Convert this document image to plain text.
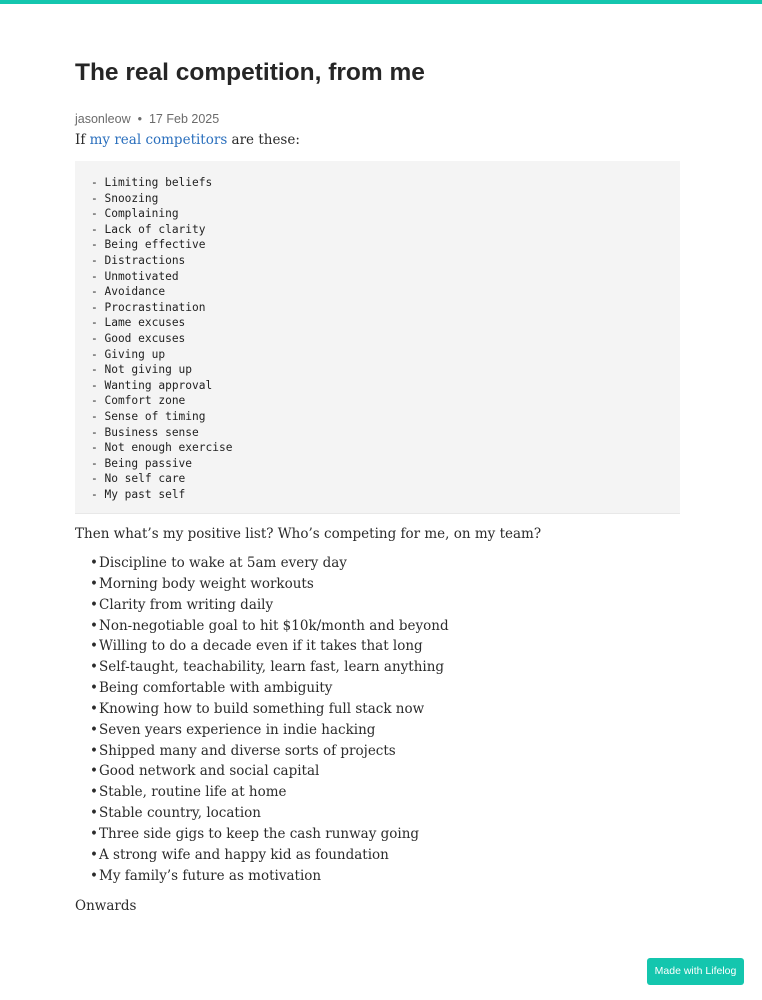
The real competition, from me
jasonleow • 17 Feb 2025

If my real competitors are these:

- Limiting beliefs
- Snoozing
- Complaining
- Lack of clarity
- Being effective
- Distractions
- Unmotivated
- Avoidance
- Procrastination
- Lame excuses
- Good excuses
- Giving up
- Not giving up
- Wanting approval
- Comfort zone
- Sense of timing
- Business sense
- Not enough exercise
- Being passive
- No self care
- My past self

Then what’s my positive list? Who’s competing for me, on my team?

• Discipline to wake at 5am every day
• Morning body weight workouts
• Clarity from writing daily
• Non-negotiable goal to hit $10k/month and beyond
• Willing to do a decade even if it takes that long
• Self-taught, teachability, learn fast, learn anything
• Being comfortable with ambiguity
• Knowing how to build something full stack now
• Seven years experience in indie hacking
• Shipped many and diverse sorts of projects
• Good network and social capital
• Stable, routine life at home
• Stable country, location
• Three side gigs to keep the cash runway going
• A strong wife and happy kid as foundation
• My family’s future as motivation

Onwards

Made with Lifelog
